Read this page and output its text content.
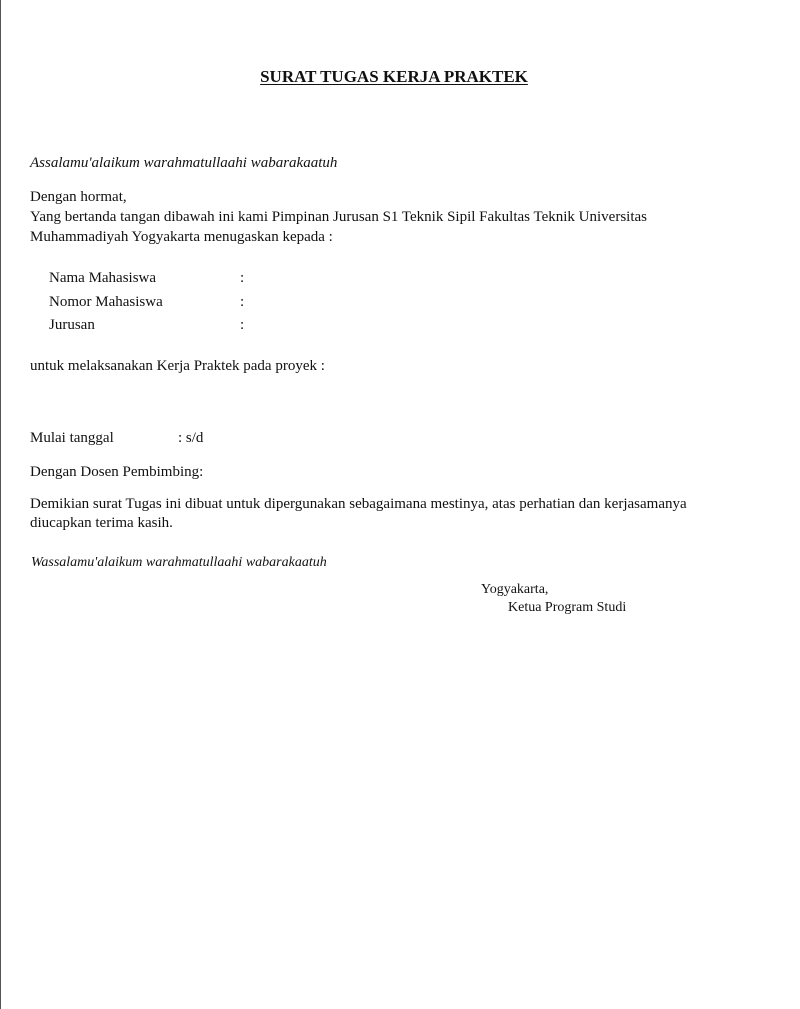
SURAT TUGAS KERJA PRAKTEK
Assalamu'alaikum warahmatullaahi wabarakaatuh
Dengan hormat,
Yang bertanda tangan dibawah ini kami Pimpinan Jurusan S1 Teknik Sipil Fakultas Teknik Universitas
Muhammadiyah Yogyakarta menugaskan kepada :
Nama Mahasiswa	:
Nomor Mahasiswa	:
Jurusan	:
untuk melaksanakan Kerja Praktek pada proyek :
Mulai tanggal	: s/d
Dengan Dosen Pembimbing:
Demikian surat Tugas ini dibuat untuk dipergunakan sebagaimana mestinya, atas perhatian dan kerjasamanya
diucapkan terima kasih.
Wassalamu'alaikum warahmatullaahi wabarakaatuh
Yogyakarta,
Ketua Program Studi
